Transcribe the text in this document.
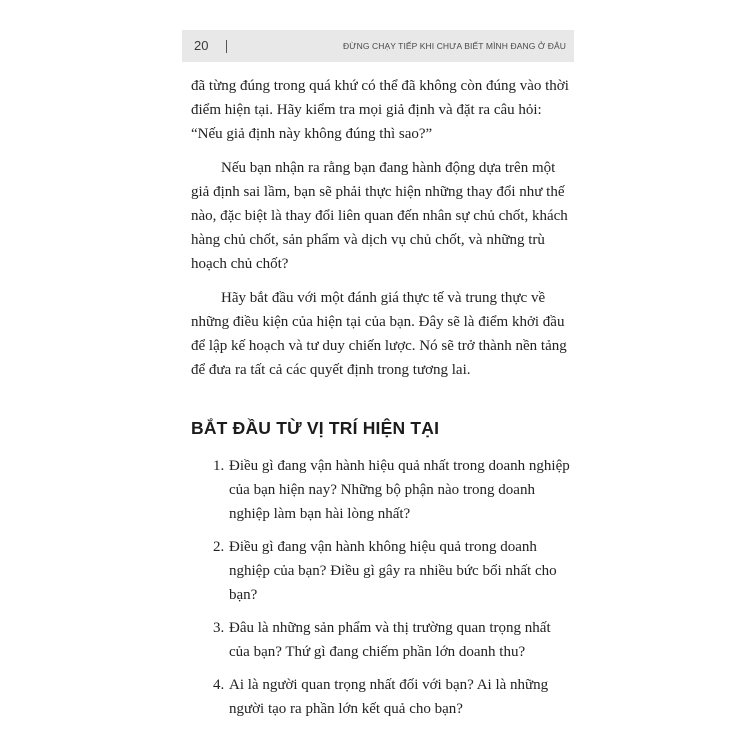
20	ĐỪNG CHẠY TIẾP KHI CHƯA BIẾT MÌNH ĐANG Ở ĐÂU

đã từng đúng trong quá khứ có thể đã không còn đúng vào thời điểm hiện tại. Hãy kiểm tra mọi giả định và đặt ra câu hỏi: “Nếu giả định này không đúng thì sao?”

Nếu bạn nhận ra rằng bạn đang hành động dựa trên một giả định sai lầm, bạn sẽ phải thực hiện những thay đổi như thế nào, đặc biệt là thay đổi liên quan đến nhân sự chủ chốt, khách hàng chủ chốt, sản phẩm và dịch vụ chủ chốt, và những trù hoạch chủ chốt?

Hãy bắt đầu với một đánh giá thực tế và trung thực về những điều kiện của hiện tại của bạn. Đây sẽ là điểm khởi đầu để lập kế hoạch và tư duy chiến lược. Nó sẽ trở thành nền tảng để đưa ra tất cả các quyết định trong tương lai.

BẮT ĐẦU TỪ VỊ TRÍ HIỆN TẠI
1. Điều gì đang vận hành hiệu quả nhất trong doanh nghiệp của bạn hiện nay? Những bộ phận nào trong doanh nghiệp làm bạn hài lòng nhất?
2. Điều gì đang vận hành không hiệu quả trong doanh nghiệp của bạn? Điều gì gây ra nhiều bức bối nhất cho bạn?
3. Đâu là những sản phẩm và thị trường quan trọng nhất của bạn? Thứ gì đang chiếm phần lớn doanh thu?
4. Ai là người quan trọng nhất đối với bạn? Ai là những người tạo ra phần lớn kết quả cho bạn?
